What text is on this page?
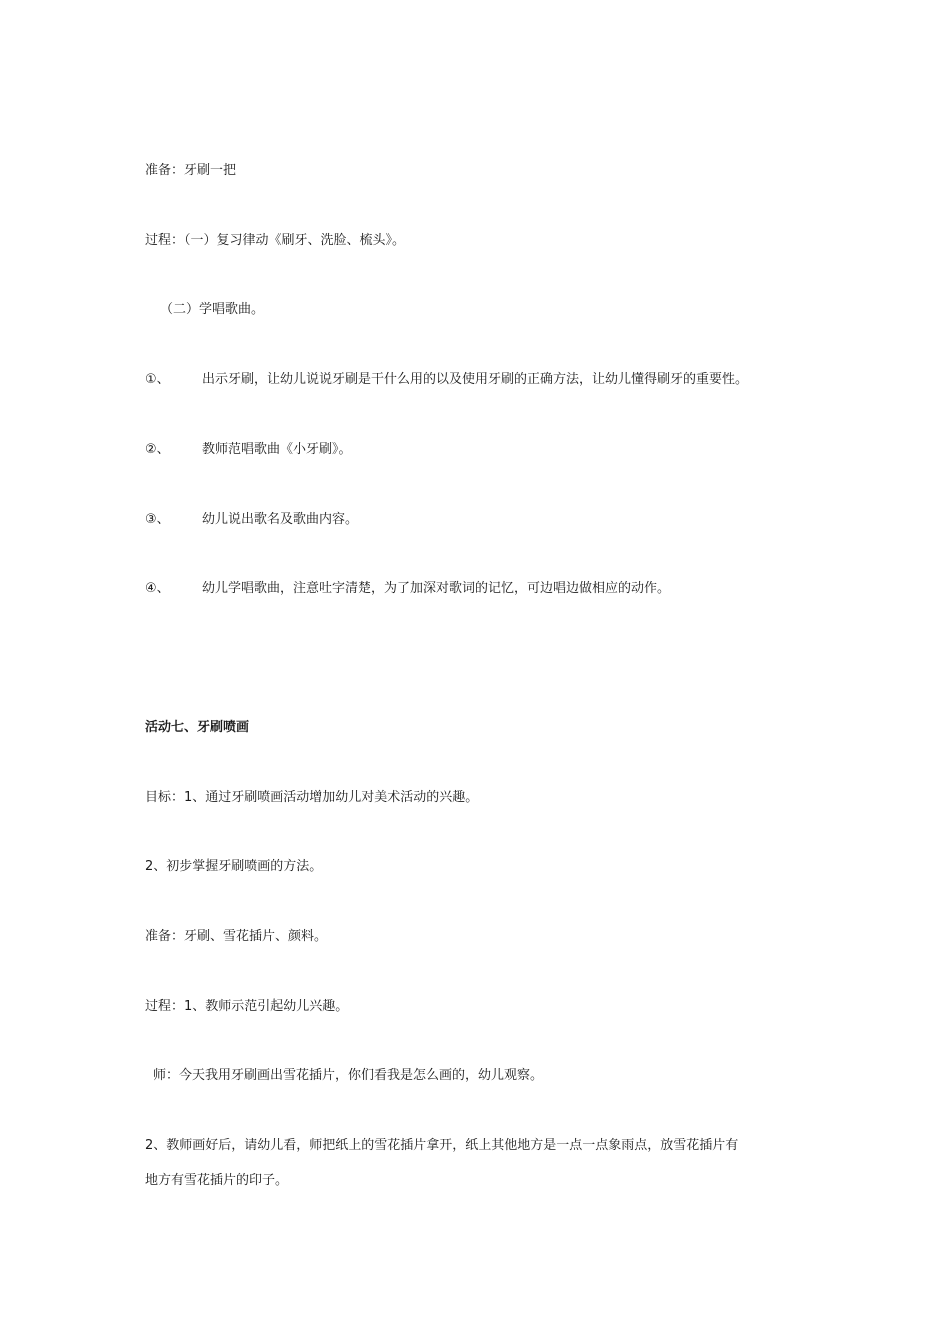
准备：牙刷一把
过程：（一）复习律动《刷牙、洗脸、梳头》。
（二）学唱歌曲。
①、 出示牙刷，让幼儿说说牙刷是干什么用的以及使用牙刷的正确方法，让幼儿懂得刷牙的重要性。
②、 教师范唱歌曲《小牙刷》。
③、 幼儿说出歌名及歌曲内容。
④、 幼儿学唱歌曲，注意吐字清楚，为了加深对歌词的记忆，可边唱边做相应的动作。
活动七、牙刷喷画
目标：1、通过牙刷喷画活动增加幼儿对美术活动的兴趣。
2、初步掌握牙刷喷画的方法。
准备：牙刷、雪花插片、颜料。
过程：1、教师示范引起幼儿兴趣。
师：今天我用牙刷画出雪花插片，你们看我是怎么画的，幼儿观察。
2、教师画好后，请幼儿看，师把纸上的雪花插片拿开，纸上其他地方是一点一点象雨点，放雪花插片有
地方有雪花插片的印子。
